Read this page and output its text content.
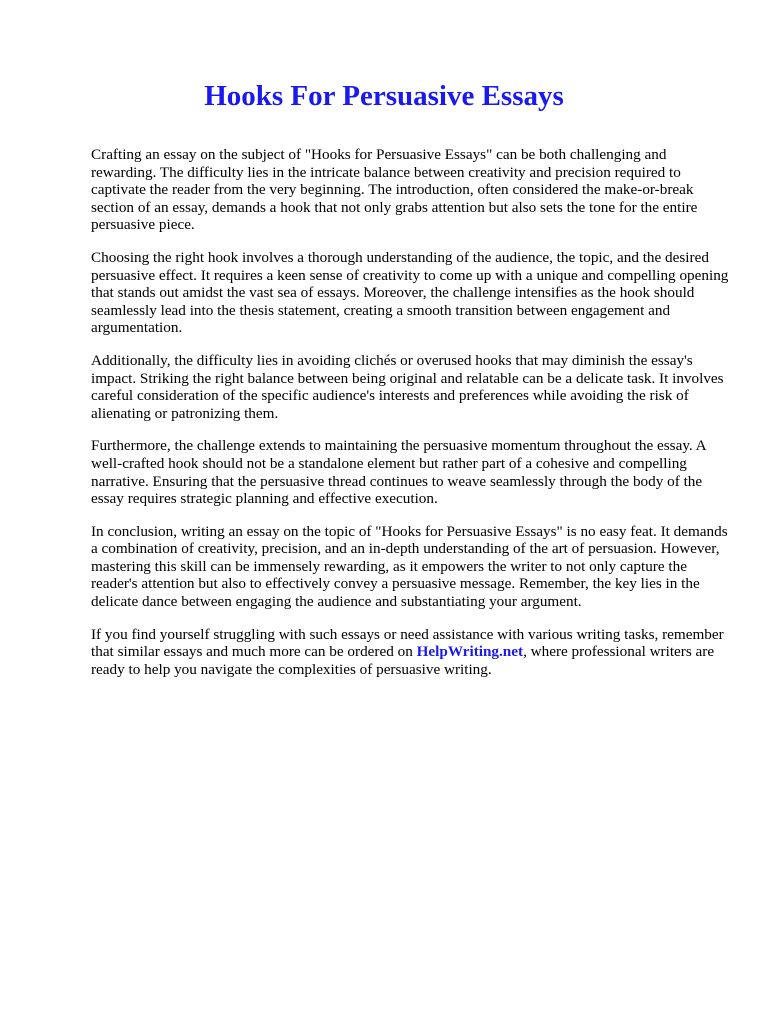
Hooks For Persuasive Essays

Crafting an essay on the subject of "Hooks for Persuasive Essays" can be both challenging and rewarding. The difficulty lies in the intricate balance between creativity and precision required to captivate the reader from the very beginning. The introduction, often considered the make-or-break section of an essay, demands a hook that not only grabs attention but also sets the tone for the entire persuasive piece.

Choosing the right hook involves a thorough understanding of the audience, the topic, and the desired persuasive effect. It requires a keen sense of creativity to come up with a unique and compelling opening that stands out amidst the vast sea of essays. Moreover, the challenge intensifies as the hook should seamlessly lead into the thesis statement, creating a smooth transition between engagement and argumentation.

Additionally, the difficulty lies in avoiding clichés or overused hooks that may diminish the essay's impact. Striking the right balance between being original and relatable can be a delicate task. It involves careful consideration of the specific audience's interests and preferences while avoiding the risk of alienating or patronizing them.

Furthermore, the challenge extends to maintaining the persuasive momentum throughout the essay. A well-crafted hook should not be a standalone element but rather part of a cohesive and compelling narrative. Ensuring that the persuasive thread continues to weave seamlessly through the body of the essay requires strategic planning and effective execution.

In conclusion, writing an essay on the topic of "Hooks for Persuasive Essays" is no easy feat. It demands a combination of creativity, precision, and an in-depth understanding of the art of persuasion. However, mastering this skill can be immensely rewarding, as it empowers the writer to not only capture the reader's attention but also to effectively convey a persuasive message. Remember, the key lies in the delicate dance between engaging the audience and substantiating your argument.

If you find yourself struggling with such essays or need assistance with various writing tasks, remember that similar essays and much more can be ordered on HelpWriting.net, where professional writers are ready to help you navigate the complexities of persuasive writing.
